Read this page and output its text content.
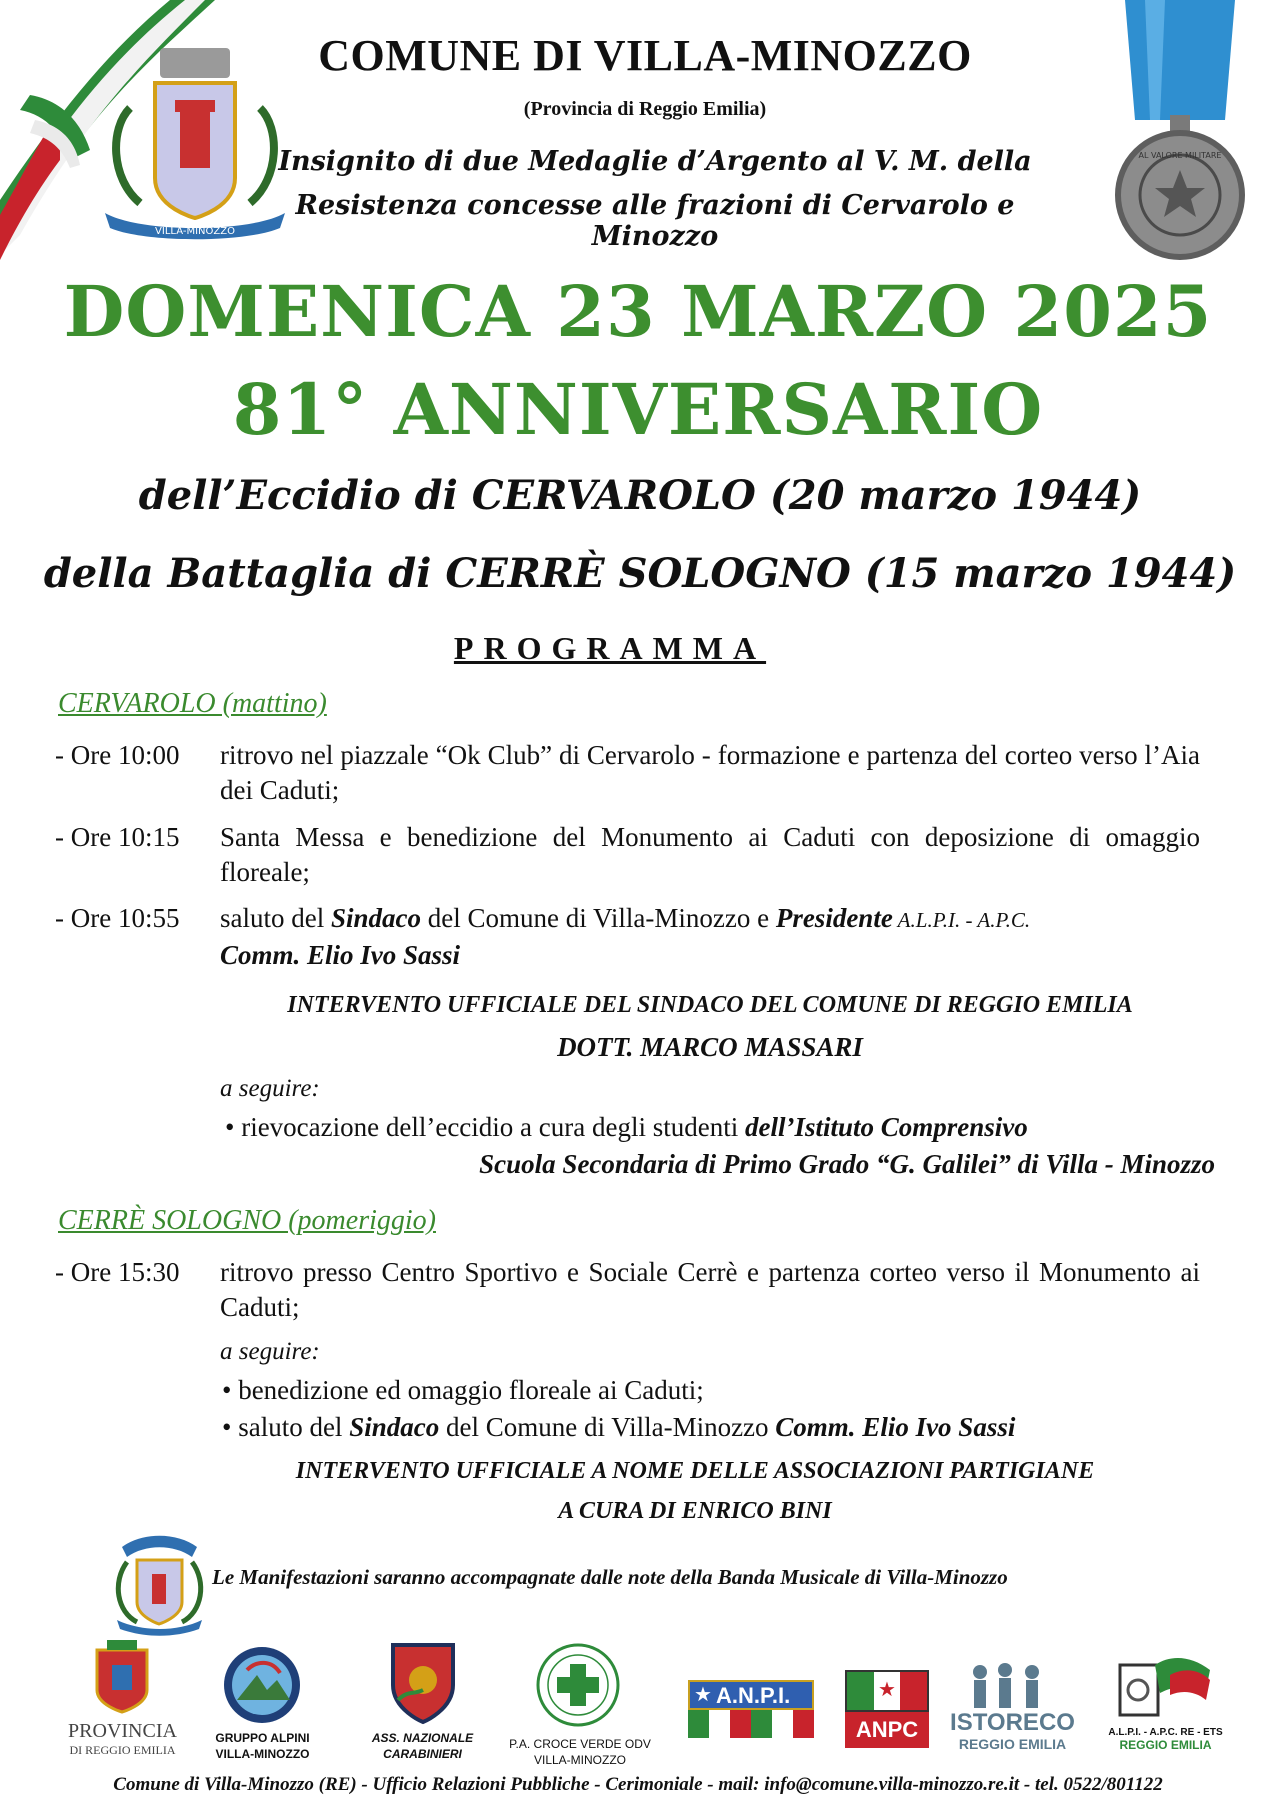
VILLA-MINOZZO
AL VALORE MILITARE
COMUNE DI VILLA-MINOZZO
(Provincia di Reggio Emilia)
Insignito di due Medaglie d’Argento al V. M. della
Resistenza concesse alle frazioni di Cervarolo e Minozzo
DOMENICA 23 MARZO 2025
81° ANNIVERSARIO
dell’Eccidio di CERVAROLO (20 marzo 1944)
della Battaglia di CERRÈ SOLOGNO (15 marzo 1944)
PROGRAMMA
CERVAROLO (mattino)
- Ore 10:00 ritrovo nel piazzale “Ok Club” di Cervarolo - formazione e partenza del corteo verso l’Aia dei Caduti;
- Ore 10:15 Santa Messa e benedizione del Monumento ai Caduti con deposizione di omaggio floreale;
- Ore 10:55 saluto del Sindaco del Comune di Villa-Minozzo e Presidente A.L.P.I. - A.P.C.
Comm. Elio Ivo Sassi
INTERVENTO UFFICIALE DEL SINDACO DEL COMUNE DI REGGIO EMILIA
DOTT. MARCO MASSARI
a seguire:
• rievocazione dell’eccidio a cura degli studenti dell’Istituto Comprensivo
Scuola Secondaria di Primo Grado “G. Galilei” di Villa - Minozzo
CERRÈ SOLOGNO (pomeriggio)
- Ore 15:30 ritrovo presso Centro Sportivo e Sociale Cerrè e partenza corteo verso il Monumento ai Caduti;
a seguire:
• benedizione ed omaggio floreale ai Caduti;
• saluto del Sindaco del Comune di Villa-Minozzo Comm. Elio Ivo Sassi
INTERVENTO UFFICIALE A NOME DELLE ASSOCIAZIONI PARTIGIANE
A CURA DI ENRICO BINI
Le Manifestazioni saranno accompagnate dalle note della Banda Musicale di Villa-Minozzo
PROVINCIA
DI REGGIO EMILIA
GRUPPO ALPINI
VILLA-MINOZZO
ASS. NAZIONALE
CARABINIERI
P.A. CROCE VERDE ODV
VILLA-MINOZZO
★ A.N.P.I.	★
ANPC	ISTORECO
REGGIO EMILIA
A.L.P.I. - A.P.C. RE - ETS
REGGIO EMILIA
Comune di Villa-Minozzo (RE) - Ufficio Relazioni Pubbliche - Cerimoniale - mail: info@comune.villa-minozzo.re.it - tel. 0522/801122
